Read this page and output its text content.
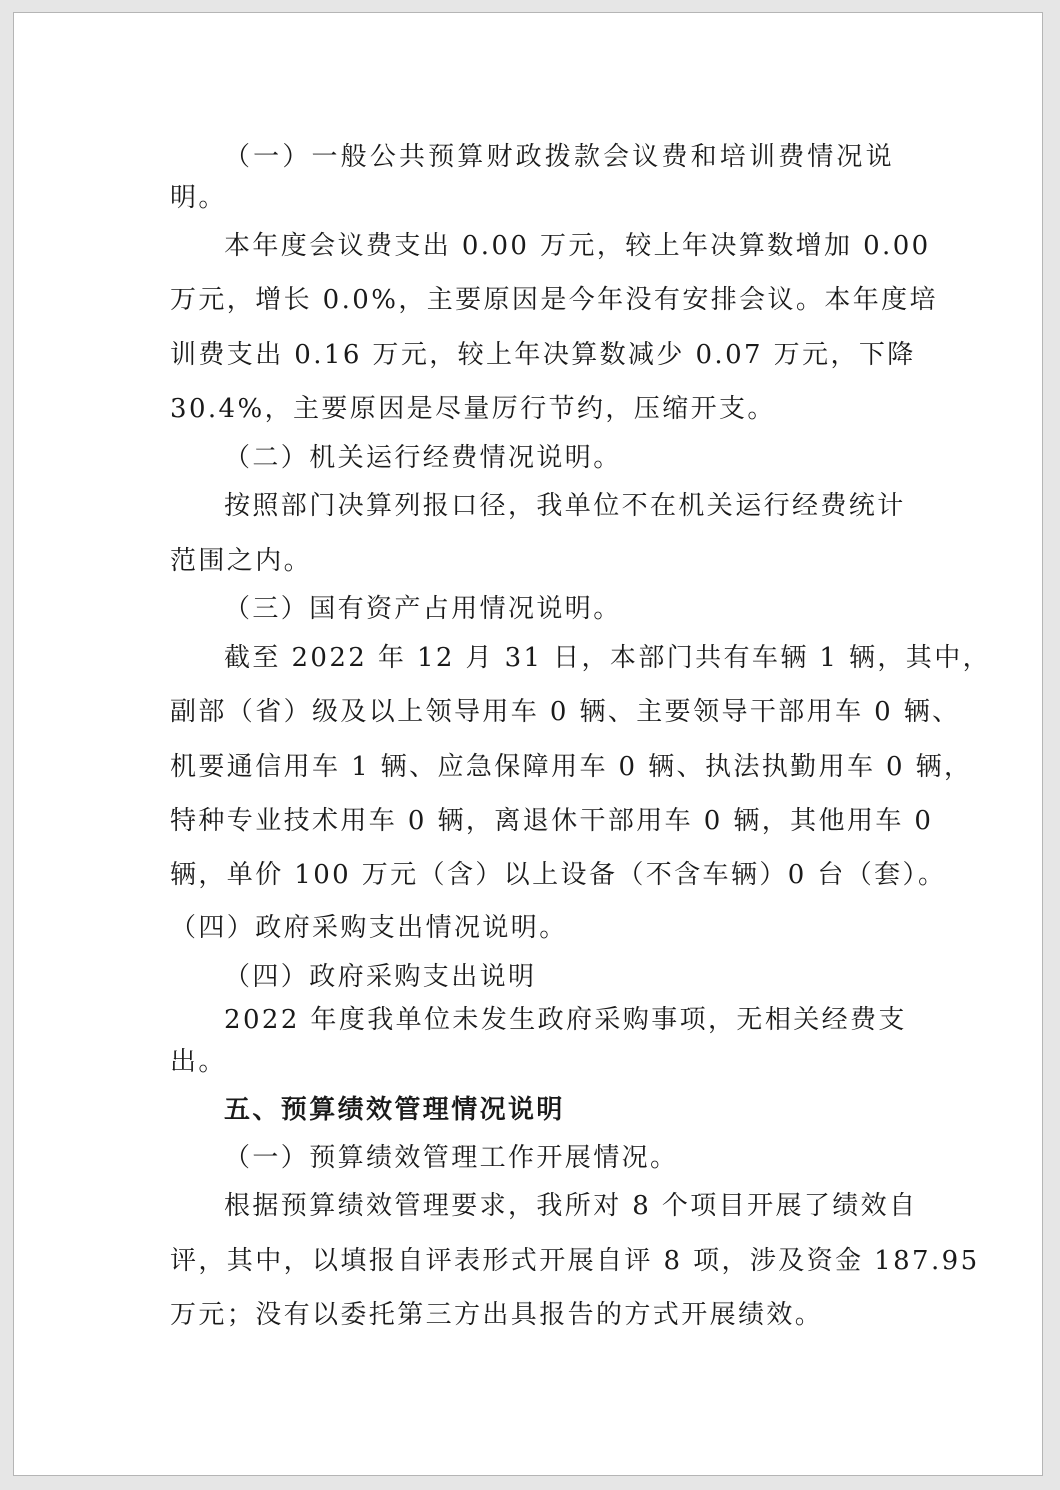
（一）一般公共预算财政拨款会议费和培训费情况说
明。
本年度会议费支出 0.00 万元，较上年决算数增加 0.00
万元，增长 0.0%，主要原因是今年没有安排会议。本年度培
训费支出 0.16 万元，较上年决算数减少 0.07 万元，下降
30.4%，主要原因是尽量厉行节约，压缩开支。
（二）机关运行经费情况说明。
按照部门决算列报口径，我单位不在机关运行经费统计
范围之内。
（三）国有资产占用情况说明。
截至 2022 年 12 月 31 日，本部门共有车辆 1 辆，其中，
副部（省）级及以上领导用车 0 辆、主要领导干部用车 0 辆、
机要通信用车 1 辆、应急保障用车 0 辆、执法执勤用车 0 辆，
特种专业技术用车 0 辆，离退休干部用车 0 辆，其他用车 0
辆，单价 100 万元（含）以上设备（不含车辆）0 台（套）。
（四）政府采购支出情况说明。
（四）政府采购支出说明
2022 年度我单位未发生政府采购事项，无相关经费支
出。
五、预算绩效管理情况说明
（一）预算绩效管理工作开展情况。
根据预算绩效管理要求，我所对 8 个项目开展了绩效自
评，其中，以填报自评表形式开展自评 8 项，涉及资金 187.95
万元；没有以委托第三方出具报告的方式开展绩效。
